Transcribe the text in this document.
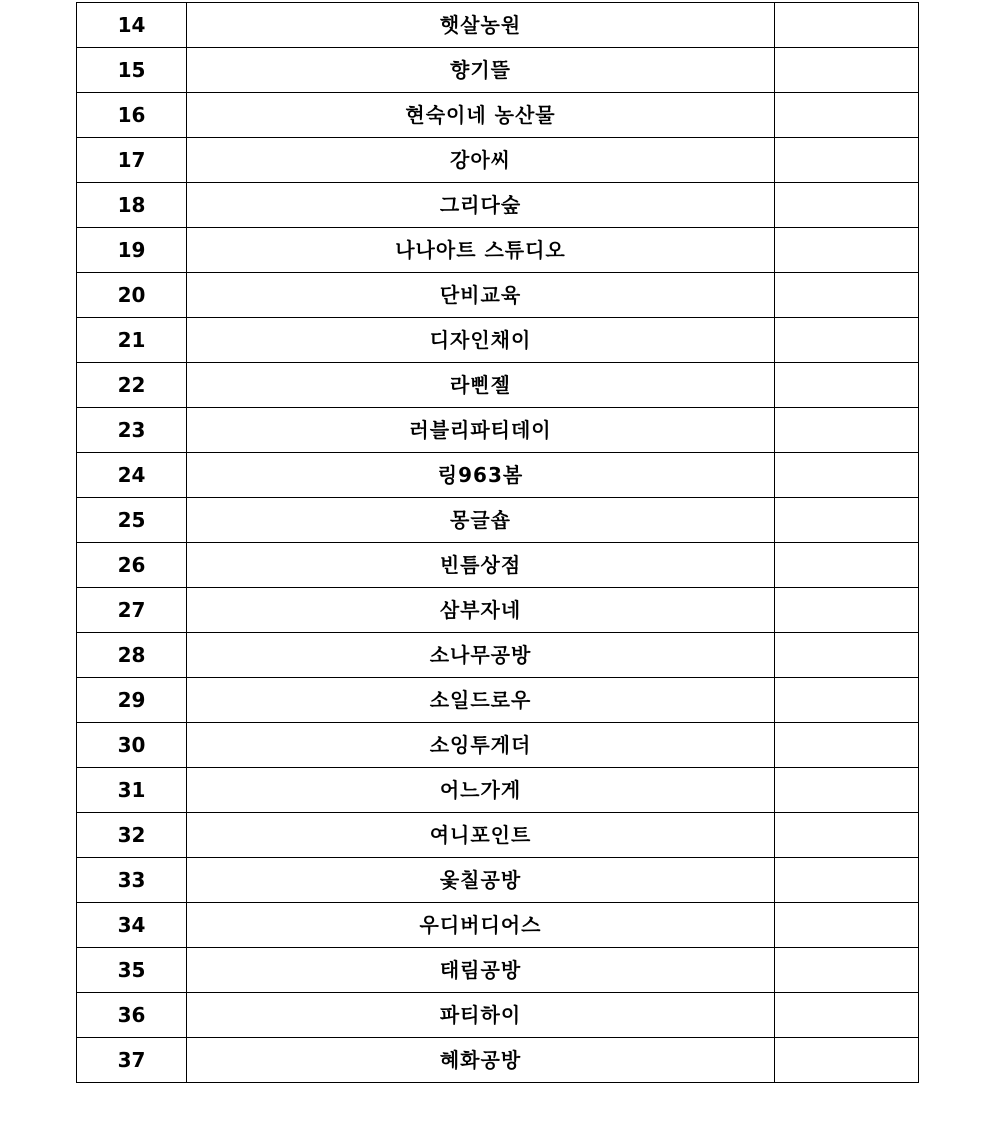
14	햇살농원	
15	향기뜰	
16	현숙이네 농산물	
17	강아씨	
18	그리다숲	
19	나나아트 스튜디오	
20	단비교육	
21	디자인채이	
22	라삔젤	
23	러블리파티데이	
24	링963봄	
25	몽글숍	
26	빈틈상점	
27	삼부자네	
28	소나무공방	
29	소일드로우	
30	소잉투게더	
31	어느가게	
32	여니포인트	
33	옻칠공방	
34	우디버디어스	
35	태림공방	
36	파티하이	
37	혜화공방	
